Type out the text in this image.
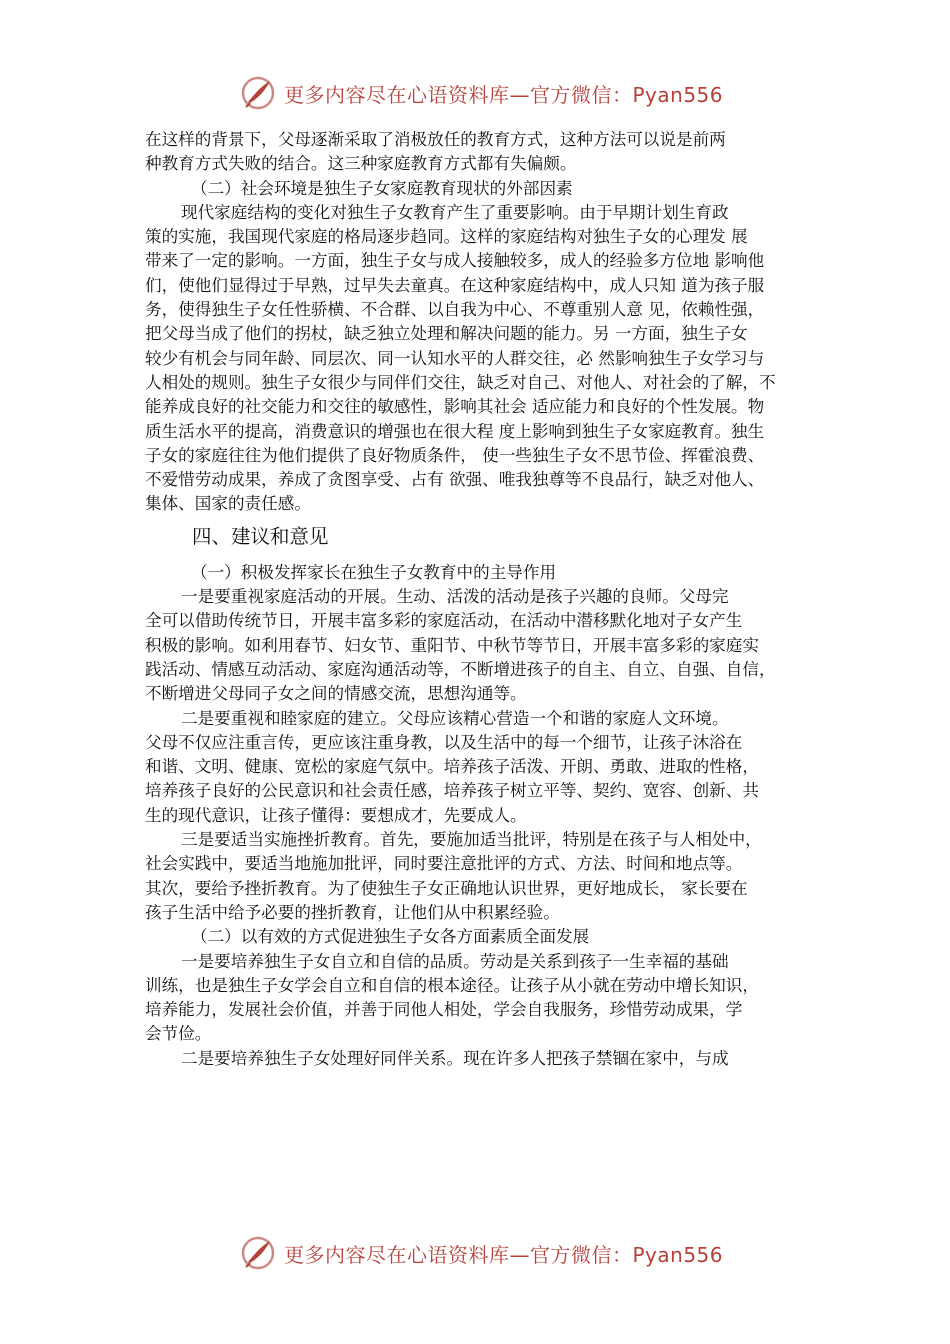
更多内容尽在心语资料库—官方微信：Pyan556
在这样的背景下，父母逐渐采取了消极放任的教育方式，这种方法可以说是前两
种教育方式失败的结合。这三种家庭教育方式都有失偏颇。
（二）社会环境是独生子女家庭教育现状的外部因素
现代家庭结构的变化对独生子女教育产生了重要影响。由于早期计划生育政
策的实施，我国现代家庭的格局逐步趋同。这样的家庭结构对独生子女的心理发 展
带来了一定的影响。一方面，独生子女与成人接触较多，成人的经验多方位地 影响他
们，使他们显得过于早熟，过早失去童真。在这种家庭结构中，成人只知 道为孩子服
务，使得独生子女任性骄横、不合群、以自我为中心、不尊重别人意 见，依赖性强，
把父母当成了他们的拐杖，缺乏独立处理和解决问题的能力。另 一方面，独生子女
较少有机会与同年龄、同层次、同一认知水平的人群交往，必 然影响独生子女学习与
人相处的规则。独生子女很少与同伴们交往，缺乏对自己、对他人、对社会的了解，不
能养成良好的社交能力和交往的敏感性，影响其社会 适应能力和良好的个性发展。物
质生活水平的提高，消费意识的增强也在很大程 度上影响到独生子女家庭教育。独生
子女的家庭往往为他们提供了良好物质条件， 使一些独生子女不思节俭、挥霍浪费、
不爱惜劳动成果，养成了贪图享受、占有 欲强、唯我独尊等不良品行，缺乏对他人、
集体、国家的责任感。
四、建议和意见
（一）积极发挥家长在独生子女教育中的主导作用
一是要重视家庭活动的开展。生动、活泼的活动是孩子兴趣的良师。父母完
全可以借助传统节日，开展丰富多彩的家庭活动，在活动中潜移默化地对子女产生
积极的影响。如利用春节、妇女节、重阳节、中秋节等节日，开展丰富多彩的家庭实
践活动、情感互动活动、家庭沟通活动等，不断增进孩子的自主、自立、自强、自信，
不断增进父母同子女之间的情感交流，思想沟通等。
二是要重视和睦家庭的建立。父母应该精心营造一个和谐的家庭人文环境。
父母不仅应注重言传，更应该注重身教，以及生活中的每一个细节，让孩子沐浴在
和谐、文明、健康、宽松的家庭气氛中。培养孩子活泼、开朗、勇敢、进取的性格，
培养孩子良好的公民意识和社会责任感，培养孩子树立平等、契约、宽容、创新、共
生的现代意识，让孩子懂得：要想成才，先要成人。
三是要适当实施挫折教育。首先，要施加适当批评，特别是在孩子与人相处中，
社会实践中，要适当地施加批评，同时要注意批评的方式、方法、时间和地点等。
其次，要给予挫折教育。为了使独生子女正确地认识世界，更好地成长， 家长要在
孩子生活中给予必要的挫折教育，让他们从中积累经验。
（二）以有效的方式促进独生子女各方面素质全面发展
一是要培养独生子女自立和自信的品质。劳动是关系到孩子一生幸福的基础
训练，也是独生子女学会自立和自信的根本途径。让孩子从小就在劳动中增长知识，
培养能力，发展社会价值，并善于同他人相处，学会自我服务，珍惜劳动成果，学
会节俭。
二是要培养独生子女处理好同伴关系。现在许多人把孩子禁锢在家中，与成
更多内容尽在心语资料库—官方微信：Pyan556
